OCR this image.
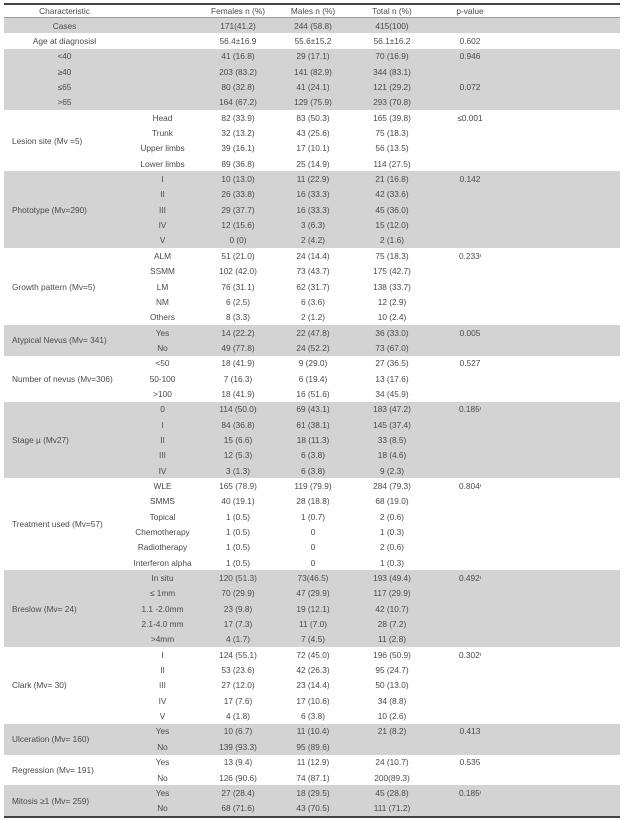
Characteristic	Females n (%)	Males n (%)	Total n (%)	p-value
Cases	171(41.2)	244 (58.8)	415(100)
Age at diagnosisł	56.4±16.9	55.6±15.2	56.1±16.2	0.602
<40	41 (16.8)	29 (17.1)	70 (16.9)	0.946
≥40	203 (83.2)	141 (82.9)	344 (83.1)
≤65	80 (32.8)	41 (24.1)	121 (29.2)	0.072
>65	164 (67.2)	129 (75.9)	293 (70.8)
Lesion site (Mv =5)
Head	82 (33.9)	83 (50.3)	165 (39.8)	≤0.001
Trunk	32 (13.2)	43 (25.6)	75 (18.3)
Upper limbs	39 (16.1)	17 (10.1)	56 (13.5)
Lower limbs	89 (36.8)	25 (14.9)	114 (27.5)
Phototype (Mv=290)
I	10 (13.0)	11 (22.9)	21 (16.8)	0.142
II	26 (33.8)	16 (33.3)	42 (33.6)
III	29 (37.7)	16 (33.3)	45 (36.0)
IV	12 (15.6)	3 (6.3)	15 (12.0)
V	0 (0)	2 (4.2)	2 (1.6)
Growth pattern (Mv=5)
ALM	51 (21.0)	24 (14.4)	75 (18.3)	0.233ᶧ
SSMM	102 (42.0)	73 (43.7)	175 (42.7)
LM	76 (31.1)	62 (31.7)	138 (33.7)
NM	6 (2.5)	6 (3.6)	12 (2.9)
Others	8 (3.3)	2 (1.2)	10 (2.4)
Atypical Nevus (Mv= 341)
Yes	14 (22.2)	22 (47.8)	36 (33.0)	0.005
No	49 (77.8)	24 (52.2)	73 (67.0)
Number of nevus (Mv=306)
<50	18 (41.9)	9 (29.0)	27 (36.5)	0.527
50-100	7 (16.3)	6 (19.4)	13 (17.6)
>100	18 (41.9)	16 (51.6)	34 (45.9)
Stage µ (Mv27)
0	114 (50.0)	69 (43.1)	183 (47.2)	0.185ᶧ
I	84 (36.8)	61 (38.1)	145 (37.4)
II	15 (6.6)	18 (11.3)	33 (8.5)
III	12 (5.3)	6 (3.8)	18 (4.6)
IV	3 (1.3)	6 (3.8)	9 (2.3)
Treatment used (Mv=57)
WLE	165 (78.9)	119 (79.9)	284 (79.3)	0.804ᶧ
SMMS	40 (19.1)	28 (18.8)	68 (19.0)
Topical	1 (0.5)	1 (0.7)	2 (0.6)
Chemotherapy	1 (0.5)	0	1 (0.3)
Radiotherapy	1 (0.5)	0	2 (0.6)
Interferon alpha	1 (0.5)	0	1 (0.3)
Breslow (Mv= 24)
In situ	120 (51.3)	73(46.5)	193 (49.4)	0.492ᶧ
≤ 1mm	70 (29.9)	47 (29.9)	117 (29.9)
1.1 -2.0mm	23 (9.8)	19 (12.1)	42 (10.7)
2.1-4.0 mm	17 (7.3)	11 (7.0)	28 (7.2)
>4mm	4 (1.7)	7 (4.5)	11 (2.8)
Clark (Mv= 30)
I	124 (55.1)	72 (45.0)	196 (50.9)	0.302ᶧ
II	53 (23.6)	42 (26.3)	95 (24.7)
III	27 (12.0)	23 (14.4)	50 (13.0)
IV	17 (7.6)	17 (10.6)	34 (8.8)
V	4 (1.8)	6 (3.8)	10 (2.6)
Ulceration (Mv= 160)
Yes	10 (6.7)	11 (10.4)	21 (8.2)	0.413
No	139 (93.3)	95 (89.6)
Regression (Mv= 191)
Yes	13 (9.4)	11 (12.9)	24 (10.7)	0.535
No	126 (90.6)	74 (87.1)	200(89.3)
Mitosis ≥1 (Mv= 259)
Yes	27 (28.4)	18 (29.5)	45 (28.8)	0.185ᶧ
No	68 (71.6)	43 (70.5)	111 (71.2)
